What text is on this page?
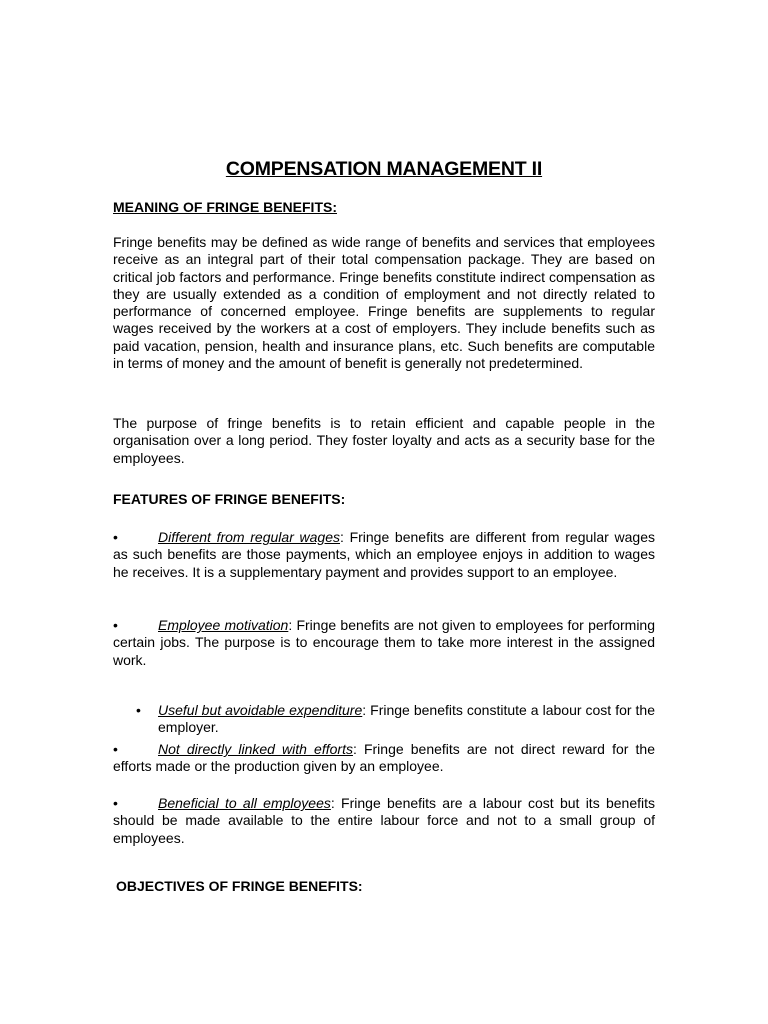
COMPENSATION MANAGEMENT II

MEANING OF FRINGE BENEFITS:

Fringe benefits may be defined as wide range of benefits and services that employees receive as an integral part of their total compensation package. They are based on critical job factors and performance. Fringe benefits constitute indirect compensation as they are usually extended as a condition of employment and not directly related to performance of concerned employee. Fringe benefits are supplements to regular wages received by the workers at a cost of employers. They include benefits such as paid vacation, pension, health and insurance plans, etc. Such benefits are computable in terms of money and the amount of benefit is generally not predetermined.

The purpose of fringe benefits is to retain efficient and capable people in the organisation over a long period. They foster loyalty and acts as a security base for the employees.

FEATURES OF FRINGE BENEFITS:

•	Different from regular wages: Fringe benefits are different from regular wages as such benefits are those payments, which an employee enjoys in addition to wages he receives. It is a supplementary payment and provides support to an employee.

•	Employee motivation: Fringe benefits are not given to employees for performing certain jobs. The purpose is to encourage them to take more interest in the assigned work.

• Useful but avoidable expenditure: Fringe benefits constitute a labour cost for the employer.

•	Not directly linked with efforts: Fringe benefits are not direct reward for the efforts made or the production given by an employee.

•	Beneficial to all employees: Fringe benefits are a labour cost but its benefits should be made available to the entire labour force and not to a small group of employees.

OBJECTIVES OF FRINGE BENEFITS:
